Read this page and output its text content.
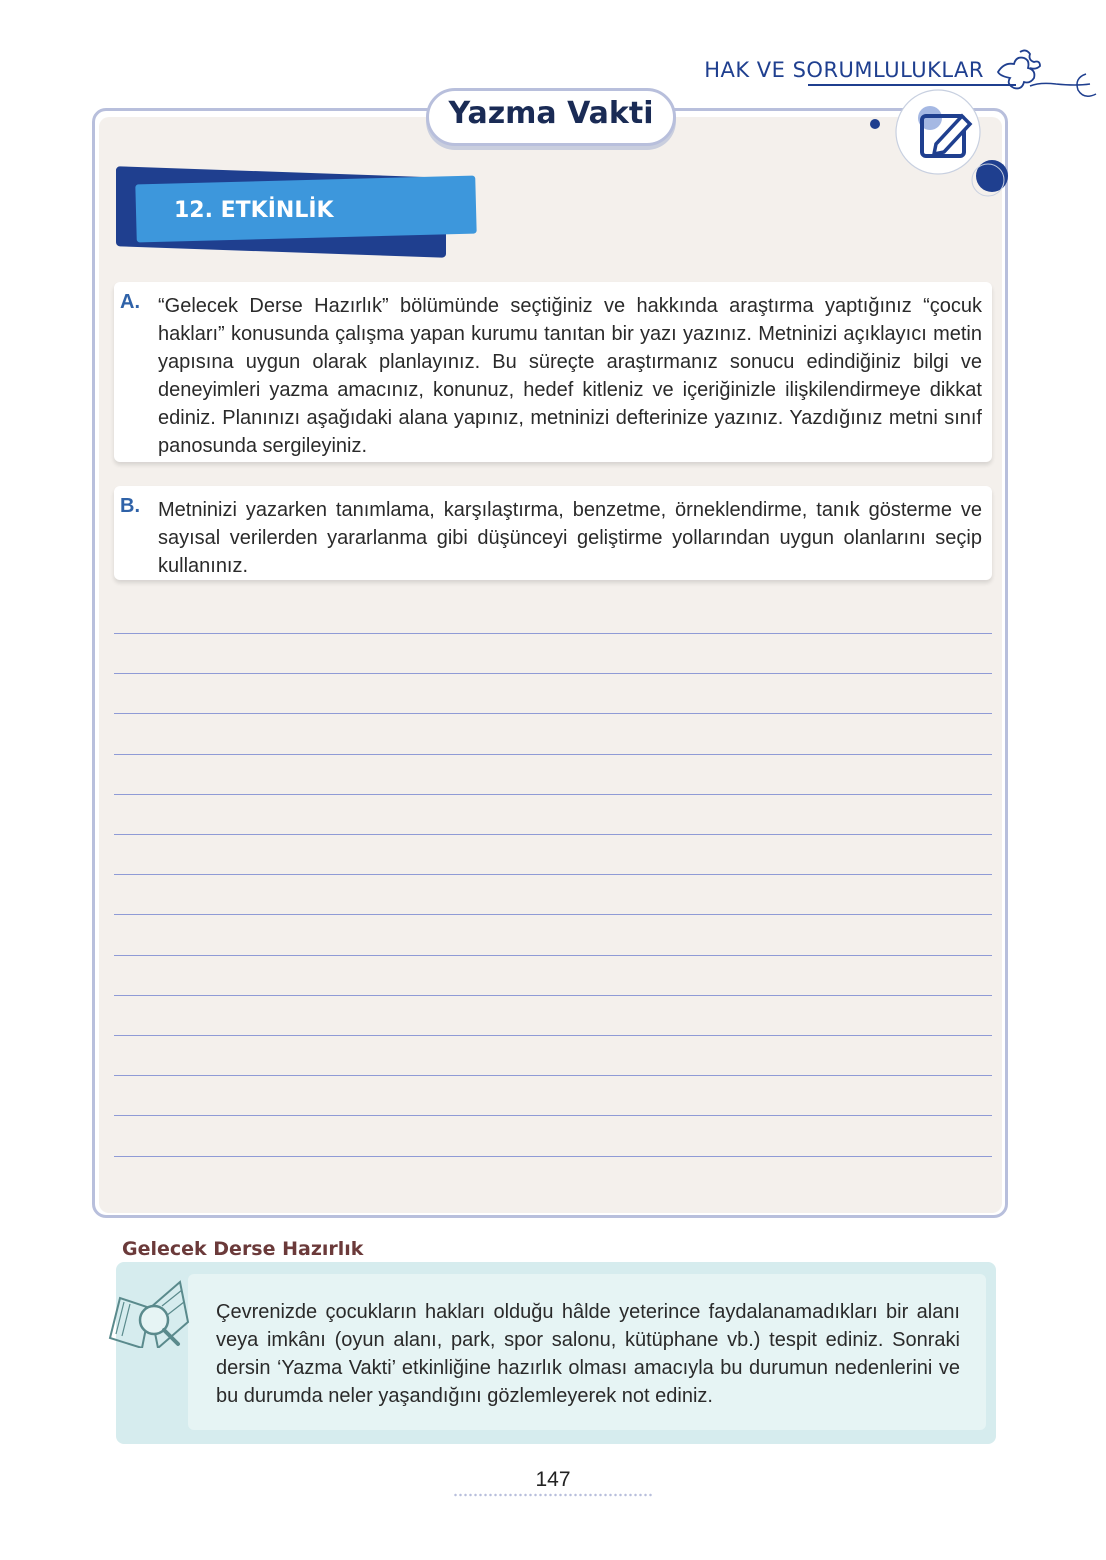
HAK VE SORUMLULUKLAR
Yazma Vakti
12. ETKİNLİK
A. “Gelecek Derse Hazırlık” bölümünde seçtiğiniz ve hakkında araştırma yaptığınız “çocuk hakları” konusunda çalışma yapan kurumu tanıtan bir yazı yazınız. Metninizi açıklayıcı metin yapısına uygun olarak planlayınız. Bu süreçte araştırmanız sonucu edindiğiniz bilgi ve deneyimleri yazma amacınız, konunuz, hedef kitleniz ve içeriğinizle ilişkilendirmeye dikkat ediniz. Planınızı aşağıdaki alana yapınız, metninizi defterinize yazınız. Yazdığınız metni sınıf panosunda sergileyiniz.
B. Metninizi yazarken tanımlama, karşılaştırma, benzetme, örneklendirme, tanık gösterme ve sayısal verilerden yararlanma gibi düşünceyi geliştirme yollarından uygun olanlarını seçip kullanınız.
Gelecek Derse Hazırlık
Çevrenizde çocukların hakları olduğu hâlde yeterince faydalanamadıkları bir alanı veya imkânı (oyun alanı, park, spor salonu, kütüphane vb.) tespit ediniz. Sonraki dersin ‘Yazma Vakti’ etkinliğine hazırlık olması amacıyla bu durumun nedenlerini ve bu durumda neler yaşandığını gözlemleyerek not ediniz.
147
